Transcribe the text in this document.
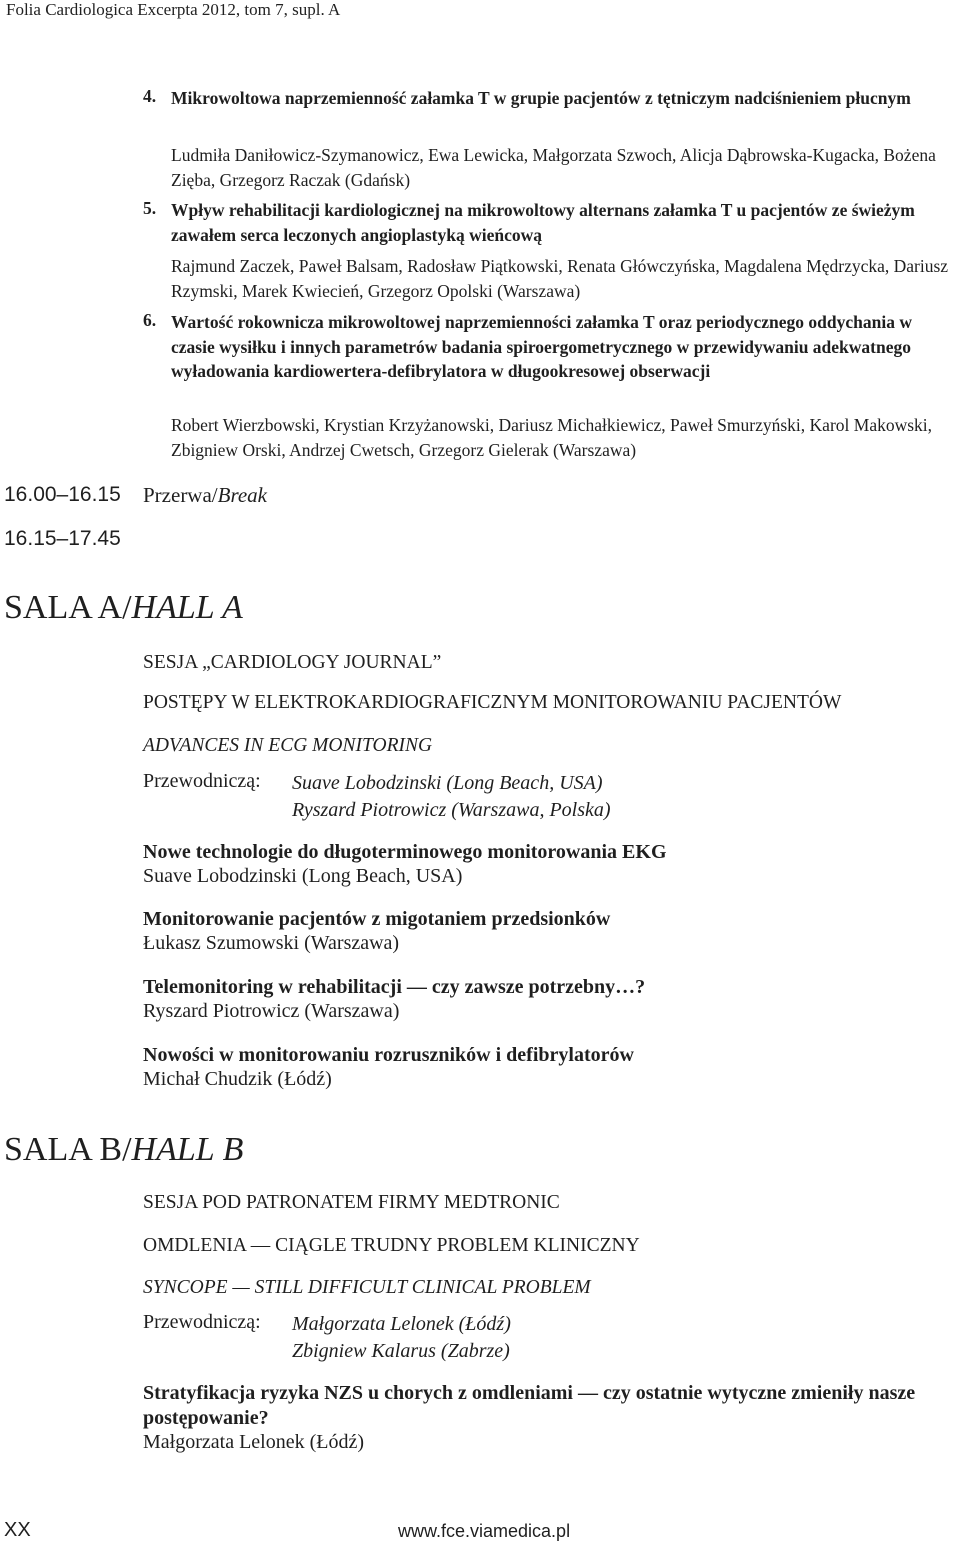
Folia Cardiologica Excerpta 2012, tom 7, supl. A
4. Mikrowoltowa naprzemienność załamka T w grupie pacjentów z tętniczym nadciśnieniem płucnym
Ludmiła Daniłowicz-Szymanowicz, Ewa Lewicka, Małgorzata Szwoch, Alicja Dąbrowska-Kugacka, Bożena Zięba, Grzegorz Raczak (Gdańsk)
5. Wpływ rehabilitacji kardiologicznej na mikrowoltowy alternans załamka T u pacjentów ze świeżym zawałem serca leczonych angioplastyką wieńcową
Rajmund Zaczek, Paweł Balsam, Radosław Piątkowski, Renata Główczyńska, Magdalena Mędrzycka, Dariusz Rzymski, Marek Kwiecień, Grzegorz Opolski (Warszawa)
6. Wartość rokownicza mikrowoltowej naprzemienności załamka T oraz periodycznego oddychania w czasie wysiłku i innych parametrów badania spiroergometrycznego w przewidywaniu adekwatnego wyładowania kardiowertera-defibrylatora w długookresowej obserwacji
Robert Wierzbowski, Krystian Krzyżanowski, Dariusz Michałkiewicz, Paweł Smurzyński, Karol Makowski, Zbigniew Orski, Andrzej Cwetsch, Grzegorz Gielerak (Warszawa)
16.00–16.15 Przerwa/Break
16.15–17.45
SALA A/HALL A
SESJA „CARDIOLOGY JOURNAL”
POSTĘPY W ELEKTROKARDIOGRAFICZNYM MONITOROWANIU PACJENTÓW
ADVANCES IN ECG MONITORING
Przewodniczą: Suave Lobodzinski (Long Beach, USA)
Ryszard Piotrowicz (Warszawa, Polska)
Nowe technologie do długoterminowego monitorowania EKG
Suave Lobodzinski (Long Beach, USA)
Monitorowanie pacjentów z migotaniem przedsionków
Łukasz Szumowski (Warszawa)
Telemonitoring w rehabilitacji — czy zawsze potrzebny…?
Ryszard Piotrowicz (Warszawa)
Nowości w monitorowaniu rozruszników i defibrylatorów
Michał Chudzik (Łódź)
SALA B/HALL B
SESJA POD PATRONATEM FIRMY MEDTRONIC
OMDLENIA — CIĄGLE TRUDNY PROBLEM KLINICZNY
SYNCOPE — STILL DIFFICULT CLINICAL PROBLEM
Przewodniczą: Małgorzata Lelonek (Łódź)
Zbigniew Kalarus (Zabrze)
Stratyfikacja ryzyka NZS u chorych z omdleniami — czy ostatnie wytyczne zmieniły nasze postępowanie?
Małgorzata Lelonek (Łódź)
XX	www.fce.viamedica.pl
